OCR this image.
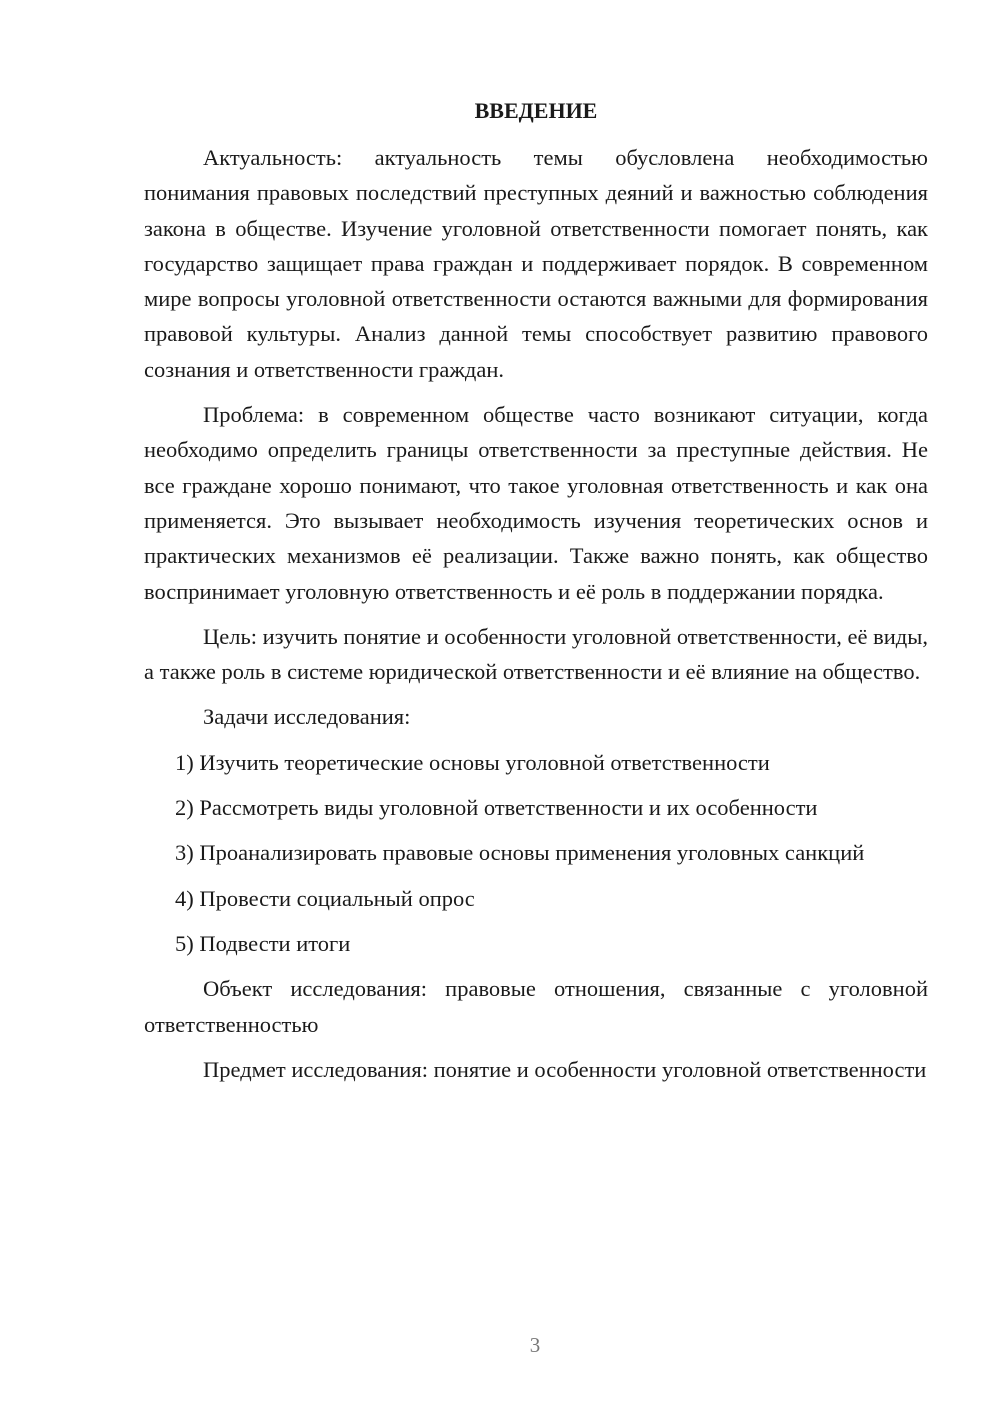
ВВЕДЕНИЕ

Актуальность: актуальность темы обусловлена необходимостью понимания правовых последствий преступных деяний и важностью соблюдения закона в обществе. Изучение уголовной ответственности помогает понять, как государство защищает права граждан и поддерживает порядок. В современном мире вопросы уголовной ответственности остаются важными для формирования правовой культуры. Анализ данной темы способствует развитию правового сознания и ответственности граждан.

Проблема: в современном обществе часто возникают ситуации, когда необходимо определить границы ответственности за преступные действия. Не все граждане хорошо понимают, что такое уголовная ответственность и как она применяется. Это вызывает необходимость изучения теоретических основ и практических механизмов её реализации. Также важно понять, как общество воспринимает уголовную ответственность и её роль в поддержании порядка.

Цель: изучить понятие и особенности уголовной ответственности, её виды, а также роль в системе юридической ответственности и её влияние на общество.

Задачи исследования:

1) Изучить теоретические основы уголовной ответственности

2) Рассмотреть виды уголовной ответственности и их особенности

3) Проанализировать правовые основы применения уголовных санкций

4) Провести социальный опрос

5) Подвести итоги

Объект исследования: правовые отношения, связанные с уголовной ответственностью

Предмет исследования: понятие и особенности уголовной ответственности

3
